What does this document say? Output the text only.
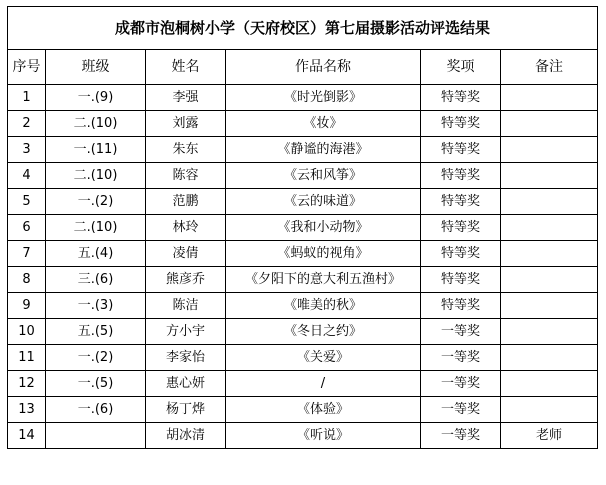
成都市泡桐树小学（天府校区）第七届摄影活动评选结果					
序号	班级	姓名	作品名称	奖项	备注
1	一.(9)	李强	《时光倒影》	特等奖	
2	二.(10)	刘露	《妆》	特等奖	
3	一.(11)	朱东	《静谧的海港》	特等奖	
4	二.(10)	陈容	《云和风筝》	特等奖	
5	一.(2)	范鹏	《云的味道》	特等奖	
6	二.(10)	林玲	《我和小动物》	特等奖	
7	五.(4)	凌倩	《蚂蚁的视角》	特等奖	
8	三.(6)	熊彦乔	《夕阳下的意大利五渔村》	特等奖	
9	一.(3)	陈洁	《唯美的秋》	特等奖	
10	五.(5)	方小宇	《冬日之约》	一等奖	
11	一.(2)	李家怡	《关爱》	一等奖	
12	一.(5)	惠心妍	/	一等奖	
13	一.(6)	杨丁烨	《体验》	一等奖	
14		胡冰清	《听说》	一等奖	老师
